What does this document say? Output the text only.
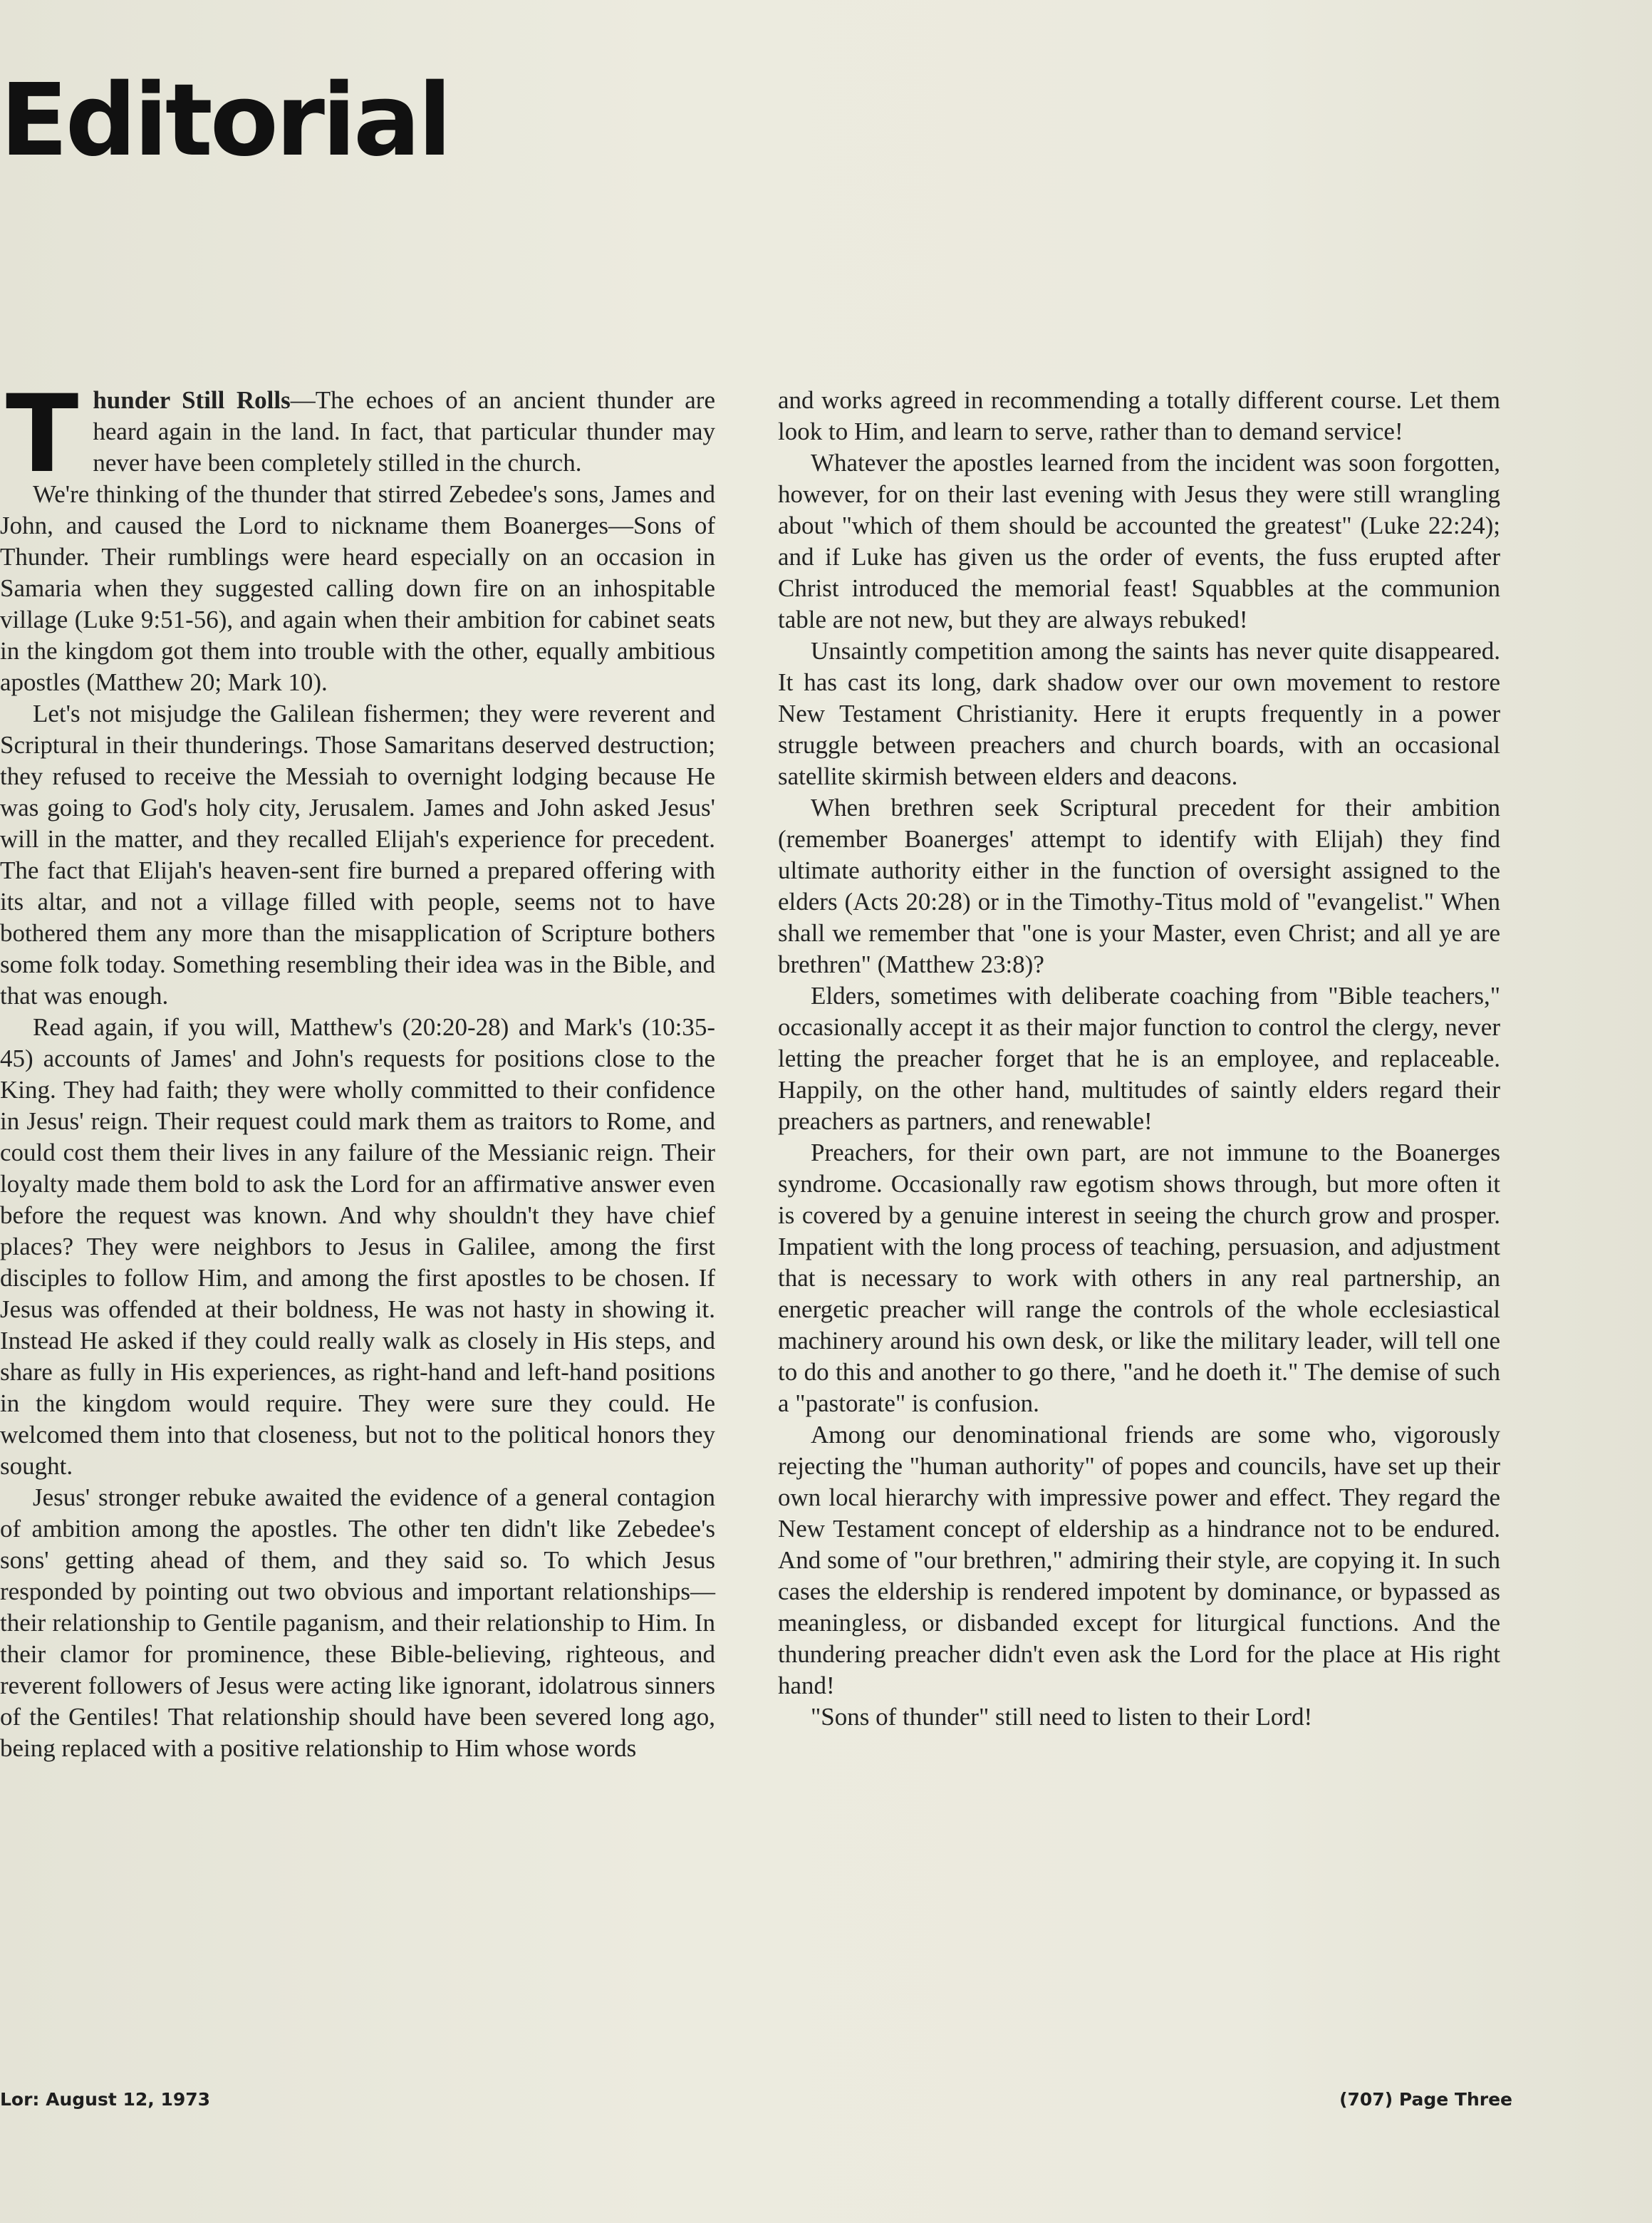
Editorial

Thunder Still Rolls—The echoes of an ancient thunder are heard again in the land. In fact, that particular thunder may never have been completely stilled in the church.

We're thinking of the thunder that stirred Zebedee's sons, James and John, and caused the Lord to nickname them Boanerges—Sons of Thunder. Their rumblings were heard especially on an occasion in Samaria when they suggested calling down fire on an inhospitable village (Luke 9:51-56), and again when their ambition for cabinet seats in the kingdom got them into trouble with the other, equally ambitious apostles (Matthew 20; Mark 10).

Let's not misjudge the Galilean fishermen; they were reverent and Scriptural in their thunderings. Those Samaritans deserved destruction; they refused to receive the Messiah to overnight lodging because He was going to God's holy city, Jerusalem. James and John asked Jesus' will in the matter, and they recalled Elijah's experience for precedent. The fact that Elijah's heaven-sent fire burned a prepared offering with its altar, and not a village filled with people, seems not to have bothered them any more than the misapplication of Scripture bothers some folk today. Something resembling their idea was in the Bible, and that was enough.

Read again, if you will, Matthew's (20:20-28) and Mark's (10:35-45) accounts of James' and John's requests for positions close to the King. They had faith; they were wholly committed to their confidence in Jesus' reign. Their request could mark them as traitors to Rome, and could cost them their lives in any failure of the Messianic reign. Their loyalty made them bold to ask the Lord for an affirmative answer even before the request was known. And why shouldn't they have chief places? They were neighbors to Jesus in Galilee, among the first disciples to follow Him, and among the first apostles to be chosen. If Jesus was offended at their boldness, He was not hasty in showing it. Instead He asked if they could really walk as closely in His steps, and share as fully in His experiences, as right-hand and left-hand positions in the kingdom would require. They were sure they could. He welcomed them into that closeness, but not to the political honors they sought.

Jesus' stronger rebuke awaited the evidence of a general contagion of ambition among the apostles. The other ten didn't like Zebedee's sons' getting ahead of them, and they said so. To which Jesus responded by pointing out two obvious and important relationships—their relationship to Gentile paganism, and their relationship to Him. In their clamor for prominence, these Bible-believing, righteous, and reverent followers of Jesus were acting like ignorant, idolatrous sinners of the Gentiles! That relationship should have been severed long ago, being replaced with a positive relationship to Him whose words

and works agreed in recommending a totally different course. Let them look to Him, and learn to serve, rather than to demand service!

Whatever the apostles learned from the incident was soon forgotten, however, for on their last evening with Jesus they were still wrangling about "which of them should be accounted the greatest" (Luke 22:24); and if Luke has given us the order of events, the fuss erupted after Christ introduced the memorial feast! Squabbles at the communion table are not new, but they are always rebuked!

Unsaintly competition among the saints has never quite disappeared. It has cast its long, dark shadow over our own movement to restore New Testament Christianity. Here it erupts frequently in a power struggle between preachers and church boards, with an occasional satellite skirmish between elders and deacons.

When brethren seek Scriptural precedent for their ambition (remember Boanerges' attempt to identify with Elijah) they find ultimate authority either in the function of oversight assigned to the elders (Acts 20:28) or in the Timothy-Titus mold of "evangelist." When shall we remember that "one is your Master, even Christ; and all ye are brethren" (Matthew 23:8)?

Elders, sometimes with deliberate coaching from "Bible teachers," occasionally accept it as their major function to control the clergy, never letting the preacher forget that he is an employee, and replaceable. Happily, on the other hand, multitudes of saintly elders regard their preachers as partners, and renewable!

Preachers, for their own part, are not immune to the Boanerges syndrome. Occasionally raw egotism shows through, but more often it is covered by a genuine interest in seeing the church grow and prosper. Impatient with the long process of teaching, persuasion, and adjustment that is necessary to work with others in any real partnership, an energetic preacher will range the controls of the whole ecclesiastical machinery around his own desk, or like the military leader, will tell one to do this and another to go there, "and he doeth it." The demise of such a "pastorate" is confusion.

Among our denominational friends are some who, vigorously rejecting the "human authority" of popes and councils, have set up their own local hierarchy with impressive power and effect. They regard the New Testament concept of eldership as a hindrance not to be endured. And some of "our brethren," admiring their style, are copying it. In such cases the eldership is rendered impotent by dominance, or bypassed as meaningless, or disbanded except for liturgical functions. And the thundering preacher didn't even ask the Lord for the place at His right hand!

"Sons of thunder" still need to listen to their Lord!

Lor: August 12, 1973	(707) Page Three
